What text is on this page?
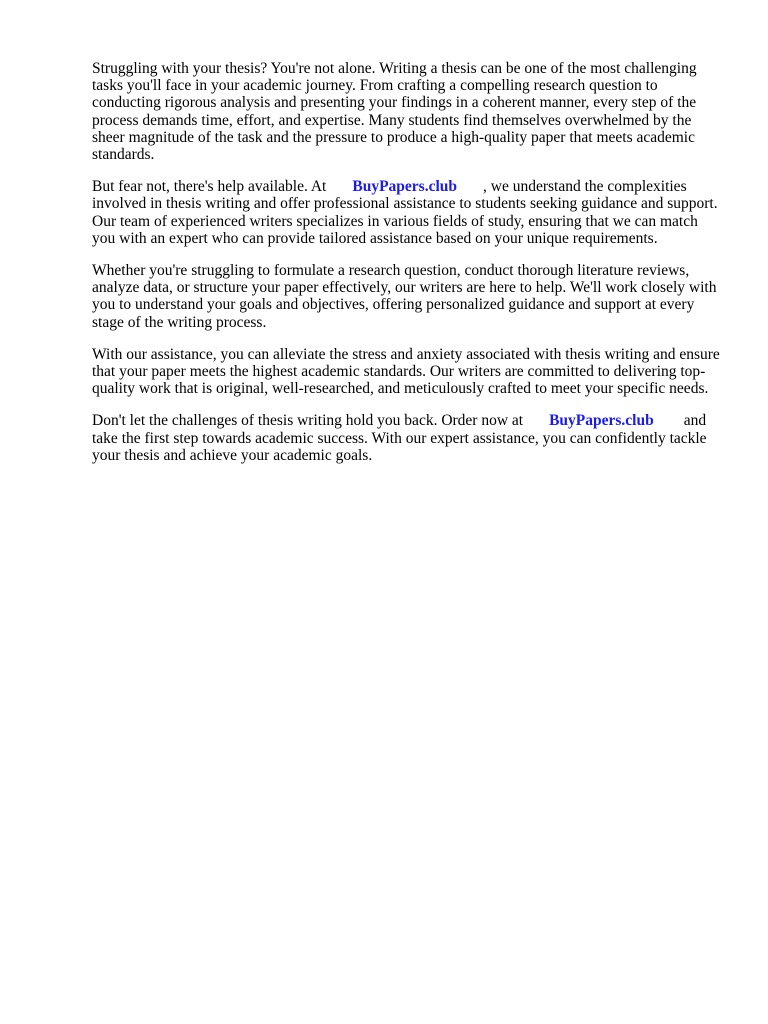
Struggling with your thesis? You're not alone. Writing a thesis can be one of the most challenging
tasks you'll face in your academic journey. From crafting a compelling research question to
conducting rigorous analysis and presenting your findings in a coherent manner, every step of the
process demands time, effort, and expertise. Many students find themselves overwhelmed by the
sheer magnitude of the task and the pressure to produce a high-quality paper that meets academic
standards.

But fear not, there's help available. At BuyPapers.club , we understand the complexities
involved in thesis writing and offer professional assistance to students seeking guidance and support.
Our team of experienced writers specializes in various fields of study, ensuring that we can match
you with an expert who can provide tailored assistance based on your unique requirements.

Whether you're struggling to formulate a research question, conduct thorough literature reviews,
analyze data, or structure your paper effectively, our writers are here to help. We'll work closely with
you to understand your goals and objectives, offering personalized guidance and support at every
stage of the writing process.

With our assistance, you can alleviate the stress and anxiety associated with thesis writing and ensure
that your paper meets the highest academic standards. Our writers are committed to delivering top-
quality work that is original, well-researched, and meticulously crafted to meet your specific needs.

Don't let the challenges of thesis writing hold you back. Order now at BuyPapers.club and
take the first step towards academic success. With our expert assistance, you can confidently tackle
your thesis and achieve your academic goals.
